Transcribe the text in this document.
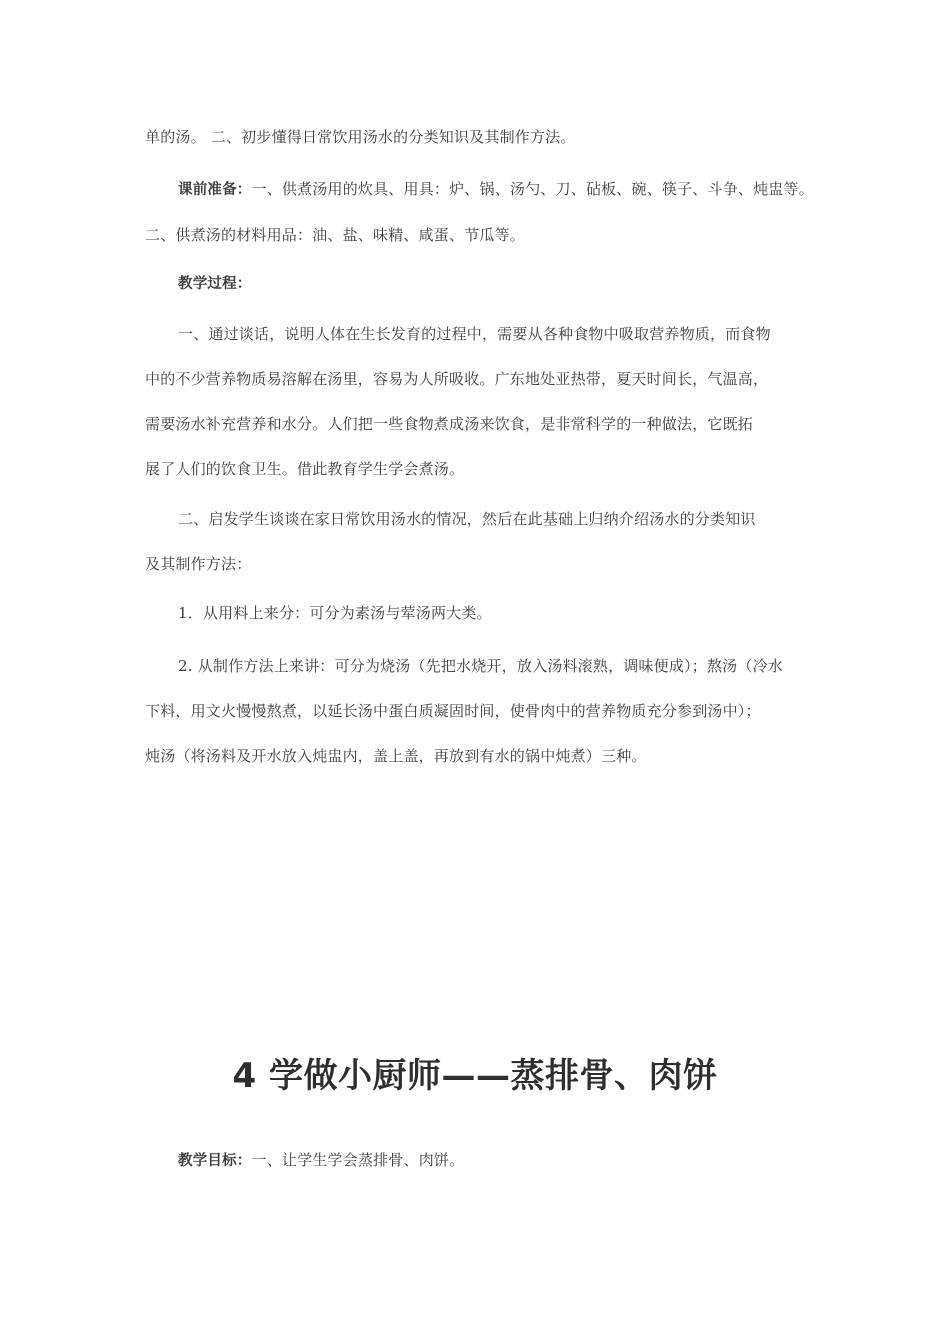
单的汤。 二、初步懂得日常饮用汤水的分类知识及其制作方法。
课前准备：一、供煮汤用的炊具、用具：炉、锅、汤勺、刀、砧板、碗、筷子、斗争、炖盅等。
二、供煮汤的材料用品：油、盐、味精、咸蛋、节瓜等。
教学过程：
一、通过谈话，说明人体在生长发育的过程中，需要从各种食物中吸取营养物质，而食物
中的不少营养物质易溶解在汤里，容易为人所吸收。广东地处亚热带，夏天时间长，气温高，
需要汤水补充营养和水分。人们把一些食物煮成汤来饮食，是非常科学的一种做法，它既拓
展了人们的饮食卫生。借此教育学生学会煮汤。
二、启发学生谈谈在家日常饮用汤水的情况，然后在此基础上归纳介绍汤水的分类知识
及其制作方法：
1．从用料上来分：可分为素汤与荤汤两大类。
2. 从制作方法上来讲：可分为烧汤（先把水烧开，放入汤料滚熟，调味便成）；熬汤（冷水
下料，用文火慢慢熬煮，以延长汤中蛋白质凝固时间，使骨肉中的营养物质充分参到汤中）；
炖汤（将汤料及开水放入炖盅内，盖上盖，再放到有水的锅中炖煮）三种。
4 学做小厨师——蒸排骨、肉饼
教学目标：一、让学生学会蒸排骨、肉饼。
